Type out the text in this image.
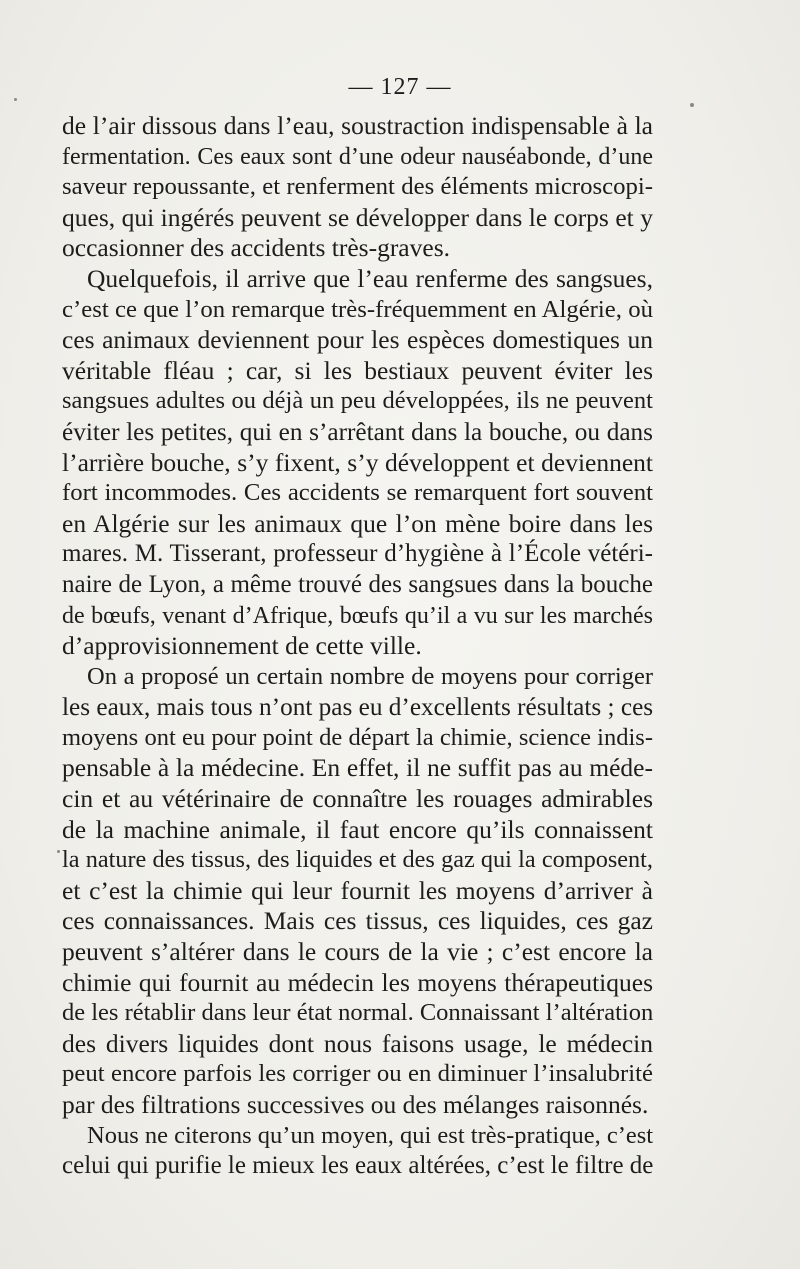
— 127 —
de l’air dissous dans l’eau, soustraction indispensable à la
fermentation. Ces eaux sont d’une odeur nauséabonde, d’une
saveur repoussante, et renferment des éléments microscopi-
ques, qui ingérés peuvent se développer dans le corps et y
occasionner des accidents très-graves.
Quelquefois, il arrive que l’eau renferme des sangsues,
c’est ce que l’on remarque très-fréquemment en Algérie, où
ces animaux deviennent pour les espèces domestiques un
véritable fléau ; car, si les bestiaux peuvent éviter les
sangsues adultes ou déjà un peu développées, ils ne peuvent
éviter les petites, qui en s’arrêtant dans la bouche, ou dans
l’arrière bouche, s’y fixent, s’y développent et deviennent
fort incommodes. Ces accidents se remarquent fort souvent
en Algérie sur les animaux que l’on mène boire dans les
mares. M. Tisserant, professeur d’hygiène à l’École vétéri-
naire de Lyon, a même trouvé des sangsues dans la bouche
de bœufs, venant d’Afrique, bœufs qu’il a vu sur les marchés
d’approvisionnement de cette ville.
On a proposé un certain nombre de moyens pour corriger
les eaux, mais tous n’ont pas eu d’excellents résultats ; ces
moyens ont eu pour point de départ la chimie, science indis-
pensable à la médecine. En effet, il ne suffit pas au méde-
cin et au vétérinaire de connaître les rouages admirables
de la machine animale, il faut encore qu’ils connaissent
la nature des tissus, des liquides et des gaz qui la composent,
et c’est la chimie qui leur fournit les moyens d’arriver à
ces connaissances. Mais ces tissus, ces liquides, ces gaz
peuvent s’altérer dans le cours de la vie ; c’est encore la
chimie qui fournit au médecin les moyens thérapeutiques
de les rétablir dans leur état normal. Connaissant l’altération
des divers liquides dont nous faisons usage, le médecin
peut encore parfois les corriger ou en diminuer l’insalubrité
par des filtrations successives ou des mélanges raisonnés.
Nous ne citerons qu’un moyen, qui est très-pratique, c’est
celui qui purifie le mieux les eaux altérées, c’est le filtre de
